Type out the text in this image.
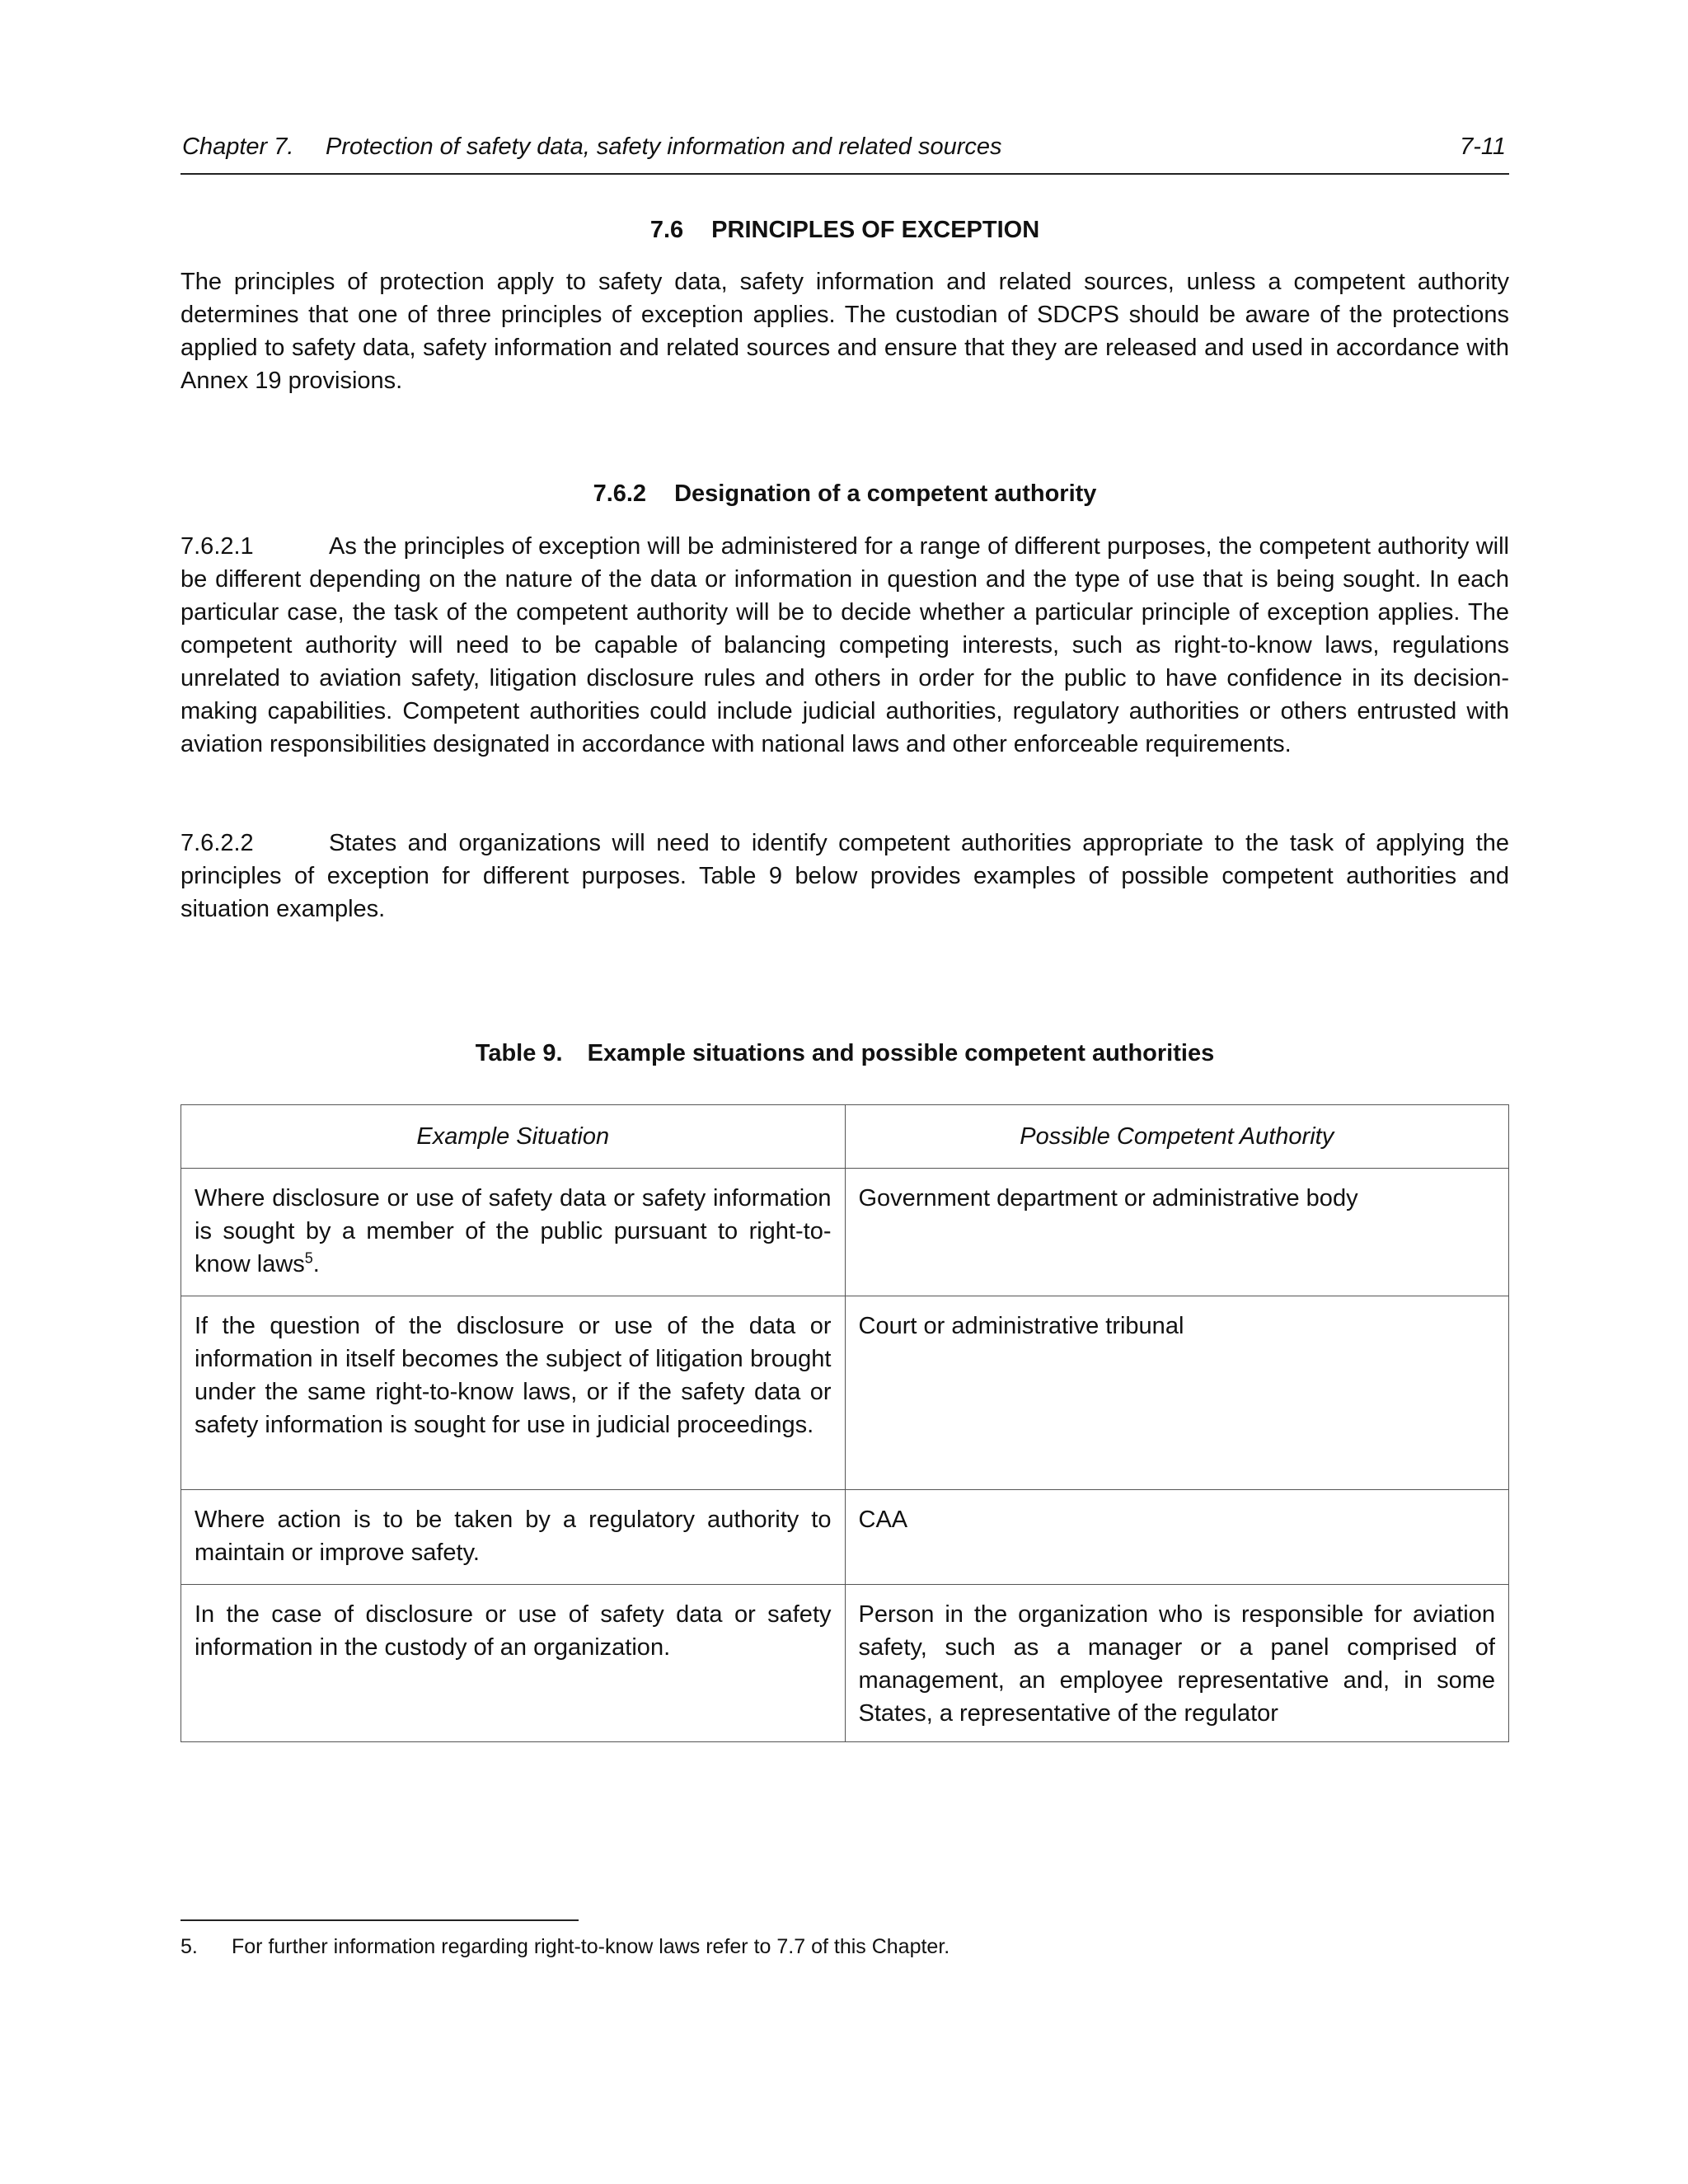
Chapter 7. Protection of safety data, safety information and related sources	7-11
7.6 PRINCIPLES OF EXCEPTION

The principles of protection apply to safety data, safety information and related sources, unless a competent authority determines that one of three principles of exception applies. The custodian of SDCPS should be aware of the protections applied to safety data, safety information and related sources and ensure that they are released and used in accordance with Annex 19 provisions.

7.6.2 Designation of a competent authority

7.6.2.1	As the principles of exception will be administered for a range of different purposes, the competent authority will be different depending on the nature of the data or information in question and the type of use that is being sought. In each particular case, the task of the competent authority will be to decide whether a particular principle of exception applies. The competent authority will need to be capable of balancing competing interests, such as right-to-know laws, regulations unrelated to aviation safety, litigation disclosure rules and others in order for the public to have confidence in its decision-making capabilities. Competent authorities could include judicial authorities, regulatory authorities or others entrusted with aviation responsibilities designated in accordance with national laws and other enforceable requirements.

7.6.2.2	States and organizations will need to identify competent authorities appropriate to the task of applying the principles of exception for different purposes. Table 9 below provides examples of possible competent authorities and situation examples.

Table 9. Example situations and possible competent authorities
Example Situation	Possible Competent Authority
Where disclosure or use of safety data or safety information is sought by a member of the public pursuant to right-to-know laws$^5$.	Government department or administrative body
If the question of the disclosure or use of the data or information in itself becomes the subject of litigation brought under the same right-to-know laws, or if the safety data or safety information is sought for use in judicial proceedings.	Court or administrative tribunal
Where action is to be taken by a regulatory authority to maintain or improve safety.	CAA
In the case of disclosure or use of safety data or safety information in the custody of an organization.	Person in the organization who is responsible for aviation safety, such as a manager or a panel comprised of management, an employee representative and, in some States, a representative of the regulator
5. For further information regarding right-to-know laws refer to 7.7 of this Chapter.
